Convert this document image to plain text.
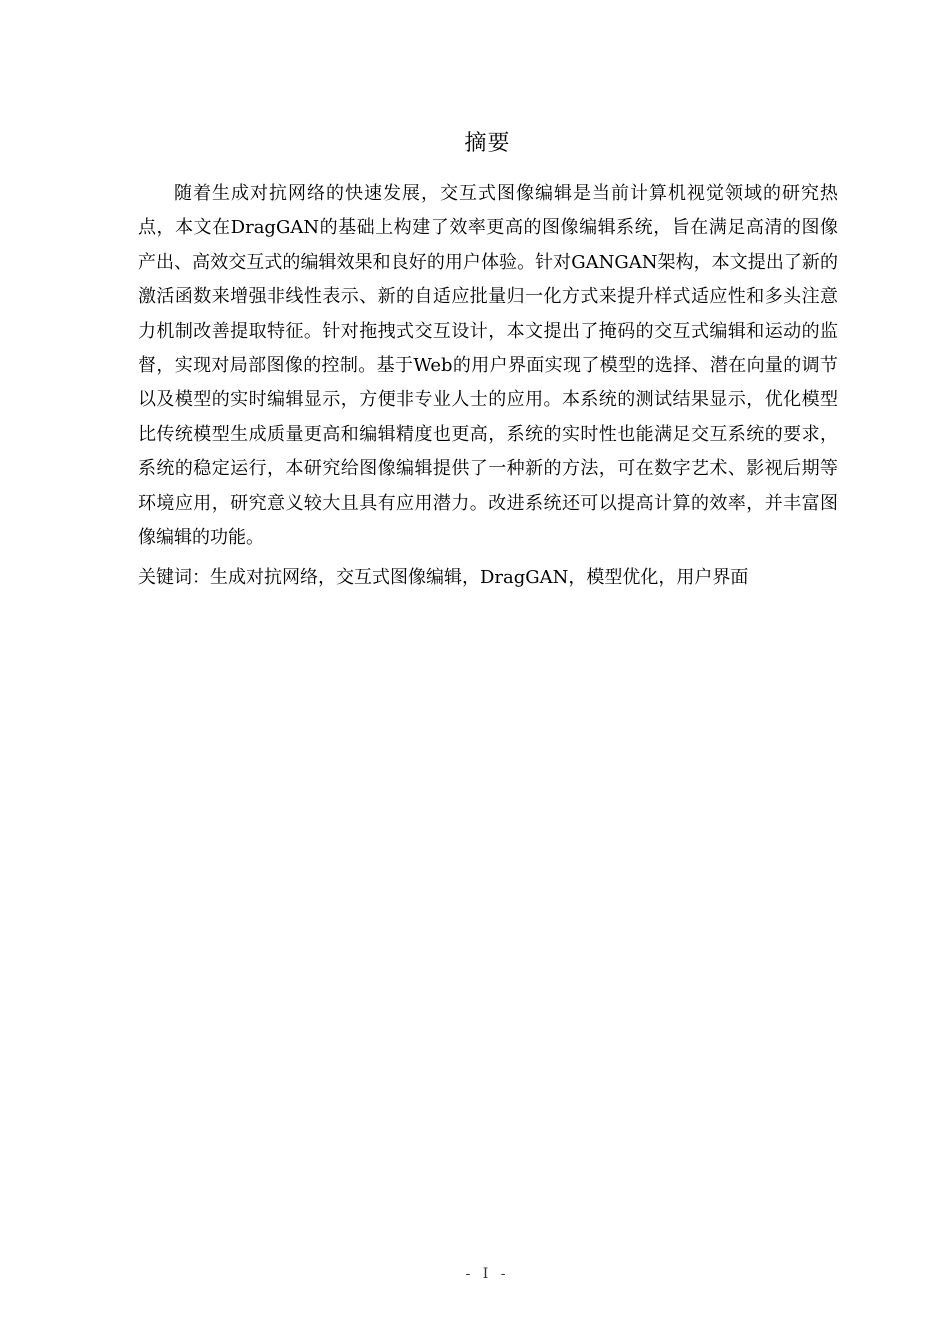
摘要

随着生成对抗网络的快速发展，交互式图像编辑是当前计算机视觉领域的研究热点，本文在DragGAN的基础上构建了效率更高的图像编辑系统，旨在满足高清的图像产出、高效交互式的编辑效果和良好的用户体验。针对GANGAN架构，本文提出了新的激活函数来增强非线性表示、新的自适应批量归一化方式来提升样式适应性和多头注意力机制改善提取特征。针对拖拽式交互设计，本文提出了掩码的交互式编辑和运动的监督，实现对局部图像的控制。基于Web的用户界面实现了模型的选择、潜在向量的调节以及模型的实时编辑显示，方便非专业人士的应用。本系统的测试结果显示，优化模型比传统模型生成质量更高和编辑精度也更高，系统的实时性也能满足交互系统的要求，系统的稳定运行，本研究给图像编辑提供了一种新的方法，可在数字艺术、影视后期等环境应用，研究意义较大且具有应用潜力。改进系统还可以提高计算的效率，并丰富图像编辑的功能。

关键词：生成对抗网络，交互式图像编辑，DragGAN，模型优化，用户界面

- I -
